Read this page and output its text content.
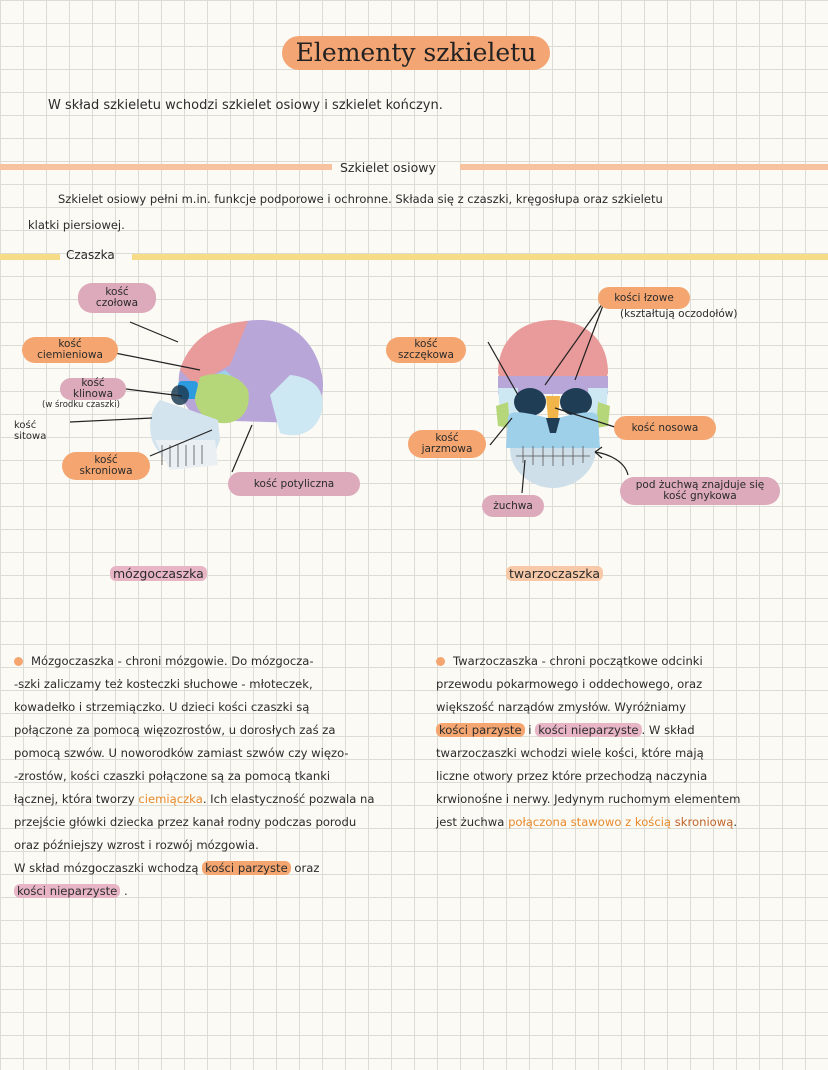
Elementy szkieletu
W skład szkieletu wchodzi szkielet osiowy i szkielet kończyn.
Szkielet osiowy
Szkielet osiowy pełni m.in. funkcje podporowe i ochronne. Składa się z czaszki, kręgosłupa oraz szkieletu
klatki piersiowej.
Czaszka
kość czołowa
kość ciemieniowa
kość klinowa
(w środku czaszki)
kość sitowa
kość skroniowa
kość potyliczna
kości łzowe
(kształtują oczodołów)
kość szczękowa
kość jarzmowa
kość nosowa
pod żuchwą znajduje się kość gnykowa
żuchwa
mózgoczaszka	twarzoczaszka
Mózgoczaszka - chroni mózgowie. Do mózgoczа-
-szki zaliczamy też kosteczki słuchowe - młoteczek,
kowadełko i strzemiączko. U dzieci kości czaszki są
połączone za pomocą więzozrostów, u dorosłych zaś za
pomocą szwów. U noworodków zamiast szwów czy więzo-
-zrostów, kości czaszki połączone są za pomocą tkanki
łącznej, która tworzy ciemiączka. Ich elastyczność pozwala na
przejście główki dziecka przez kanał rodny podczas porodu
oraz późniejszy wzrost i rozwój mózgowia.
W skład mózgoczaszki wchodzą kości parzyste oraz
kości nieparzyste .
Twarzoczaszka - chroni początkowe odcinki
przewodu pokarmowego i oddechowego, oraz
większość narządów zmysłów. Wyróżniamy
kości parzyste i kości nieparzyste . W skład
twarzoczaszki wchodzi wiele kości, które mają
liczne otwory przez które przechodzą naczynia
krwionośne i nerwy. Jedynym ruchomym elementem
jest żuchwa połączona stawowo z kością skroniową.
